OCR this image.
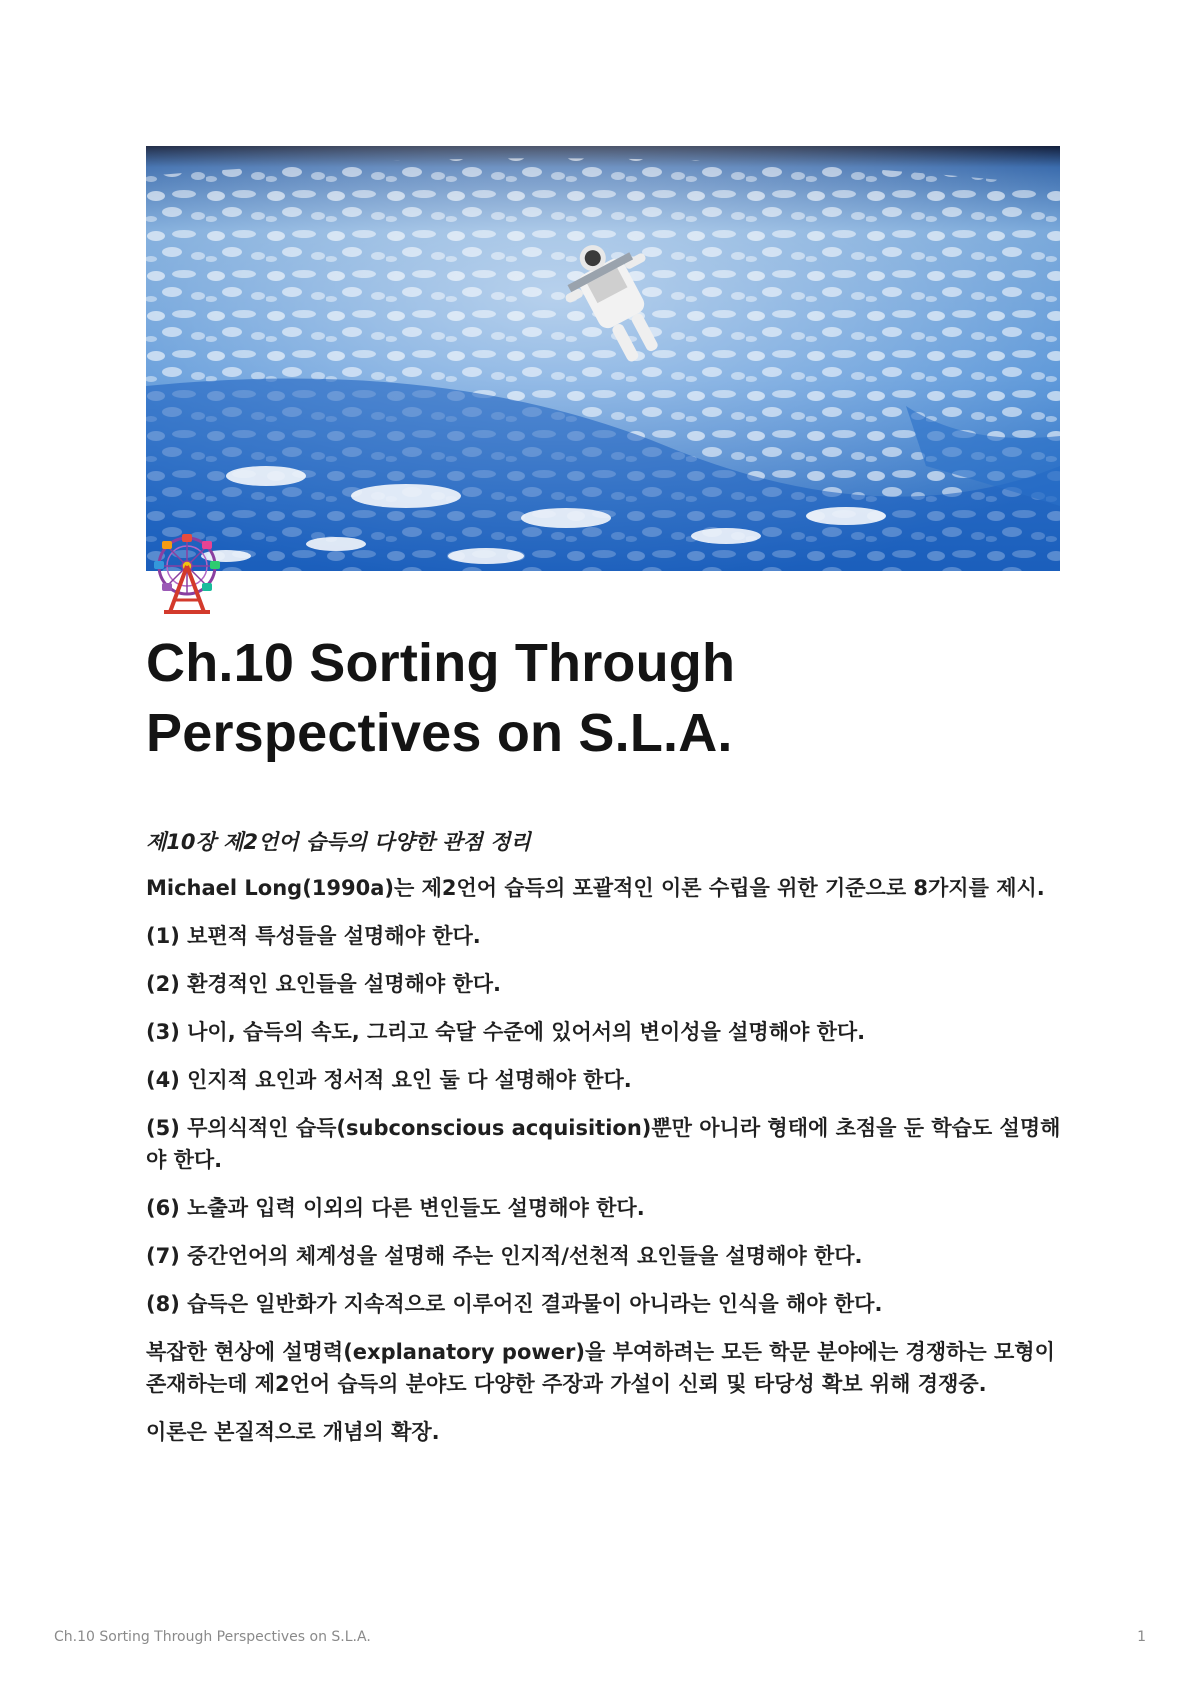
Ch.10 Sorting Through
Perspectives on S.L.A.

제10장 제2언어 습득의 다양한 관점 정리

Michael Long(1990a)는 제2언어 습득의 포괄적인 이론 수립을 위한 기준으로 8가지를 제시.

(1) 보편적 특성들을 설명해야 한다.

(2) 환경적인 요인들을 설명해야 한다.

(3) 나이, 습득의 속도, 그리고 숙달 수준에 있어서의 변이성을 설명해야 한다.

(4) 인지적 요인과 정서적 요인 둘 다 설명해야 한다.

(5) 무의식적인 습득(subconscious acquisition)뿐만 아니라 형태에 초점을 둔 학습도 설명해야 한다.

(6) 노출과 입력 이외의 다른 변인들도 설명해야 한다.

(7) 중간언어의 체계성을 설명해 주는 인지적/선천적 요인들을 설명해야 한다.

(8) 습득은 일반화가 지속적으로 이루어진 결과물이 아니라는 인식을 해야 한다.

복잡한 현상에 설명력(explanatory power)을 부여하려는 모든 학문 분야에는 경쟁하는 모형이 존재하는데 제2언어 습득의 분야도 다양한 주장과 가설이 신뢰 및 타당성 확보 위해 경쟁중.

이론은 본질적으로 개념의 확장.

Ch.10 Sorting Through Perspectives on S.L.A.	1
